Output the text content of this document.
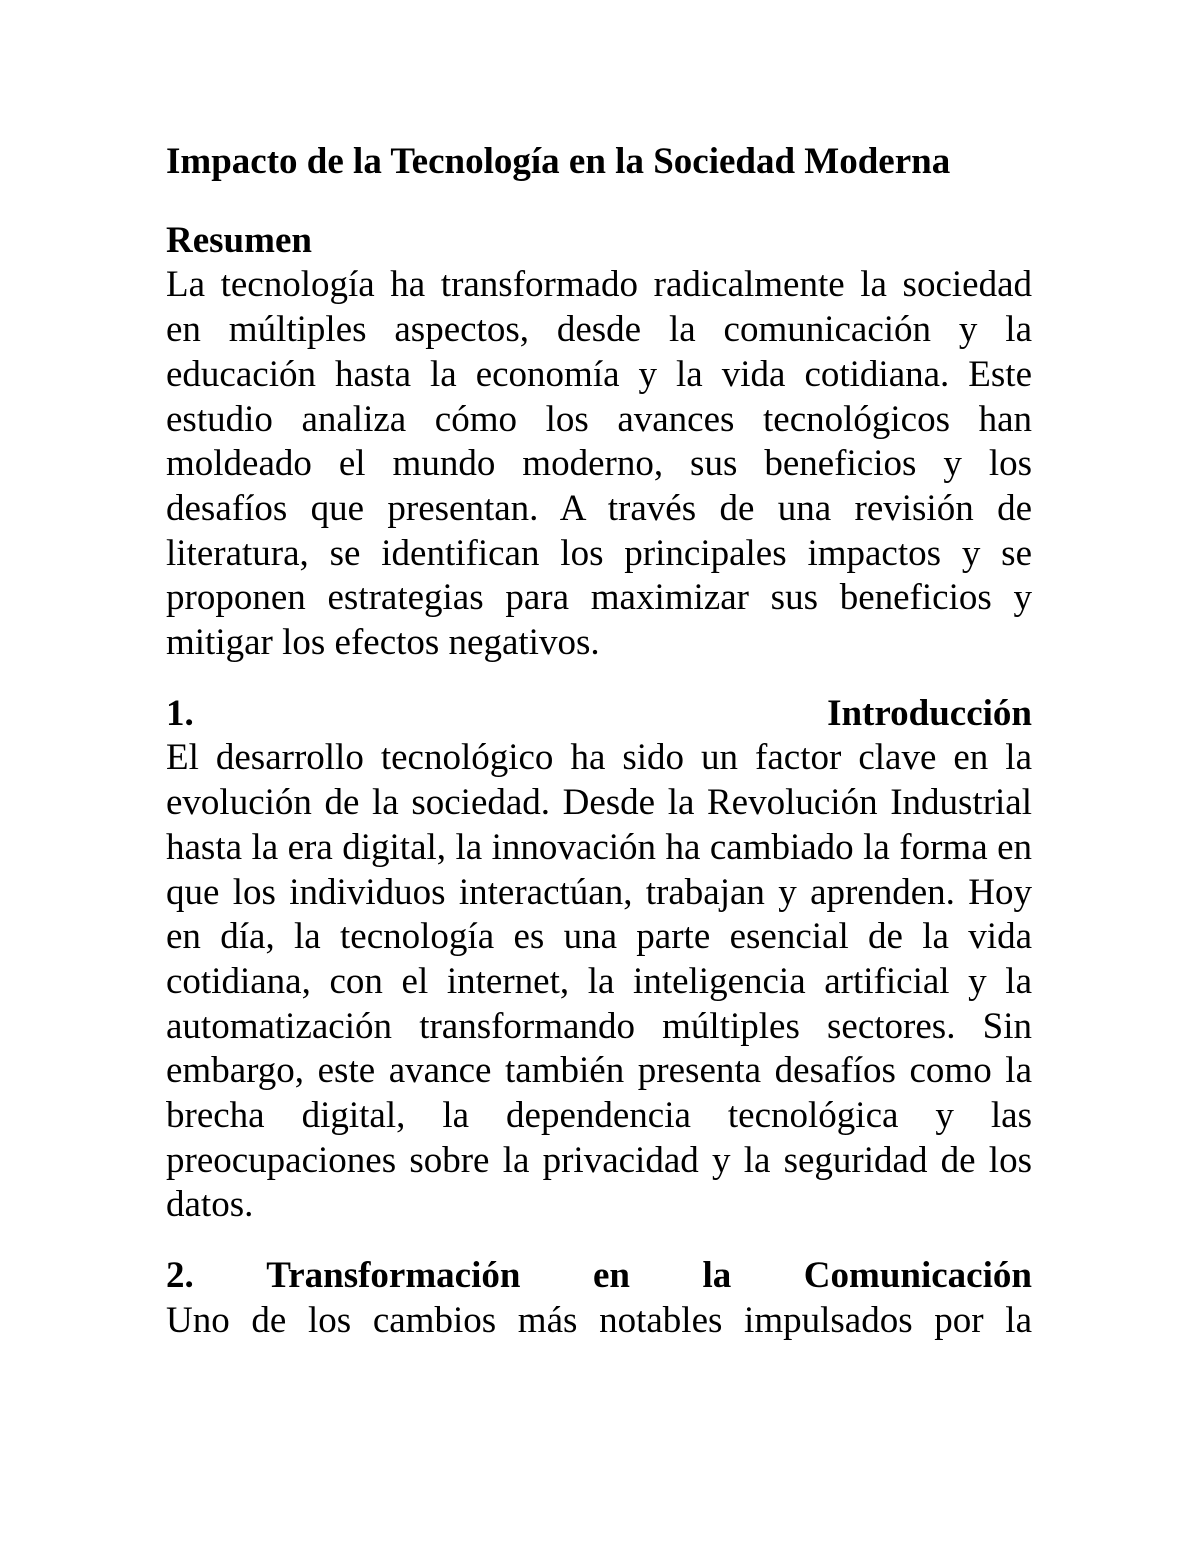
Impacto de la Tecnología en la Sociedad Moderna
Resumen

La tecnología ha transformado radicalmente la sociedad en múltiples aspectos, desde la comunicación y la educación hasta la economía y la vida cotidiana. Este estudio analiza cómo los avances tecnológicos han moldeado el mundo moderno, sus beneficios y los desafíos que presentan. A través de una revisión de literatura, se identifican los principales impactos y se proponen estrategias para maximizar sus beneficios y mitigar los efectos negativos.

1.	Introducción

El desarrollo tecnológico ha sido un factor clave en la evolución de la sociedad. Desde la Revolución Industrial hasta la era digital, la innovación ha cambiado la forma en que los individuos interactúan, trabajan y aprenden. Hoy en día, la tecnología es una parte esencial de la vida cotidiana, con el internet, la inteligencia artificial y la automatización transformando múltiples sectores. Sin embargo, este avance también presenta desafíos como la brecha digital, la dependencia tecnológica y las preocupaciones sobre la privacidad y la seguridad de los datos.

2. Transformación en la Comunicación

Uno de los cambios más notables impulsados por la
